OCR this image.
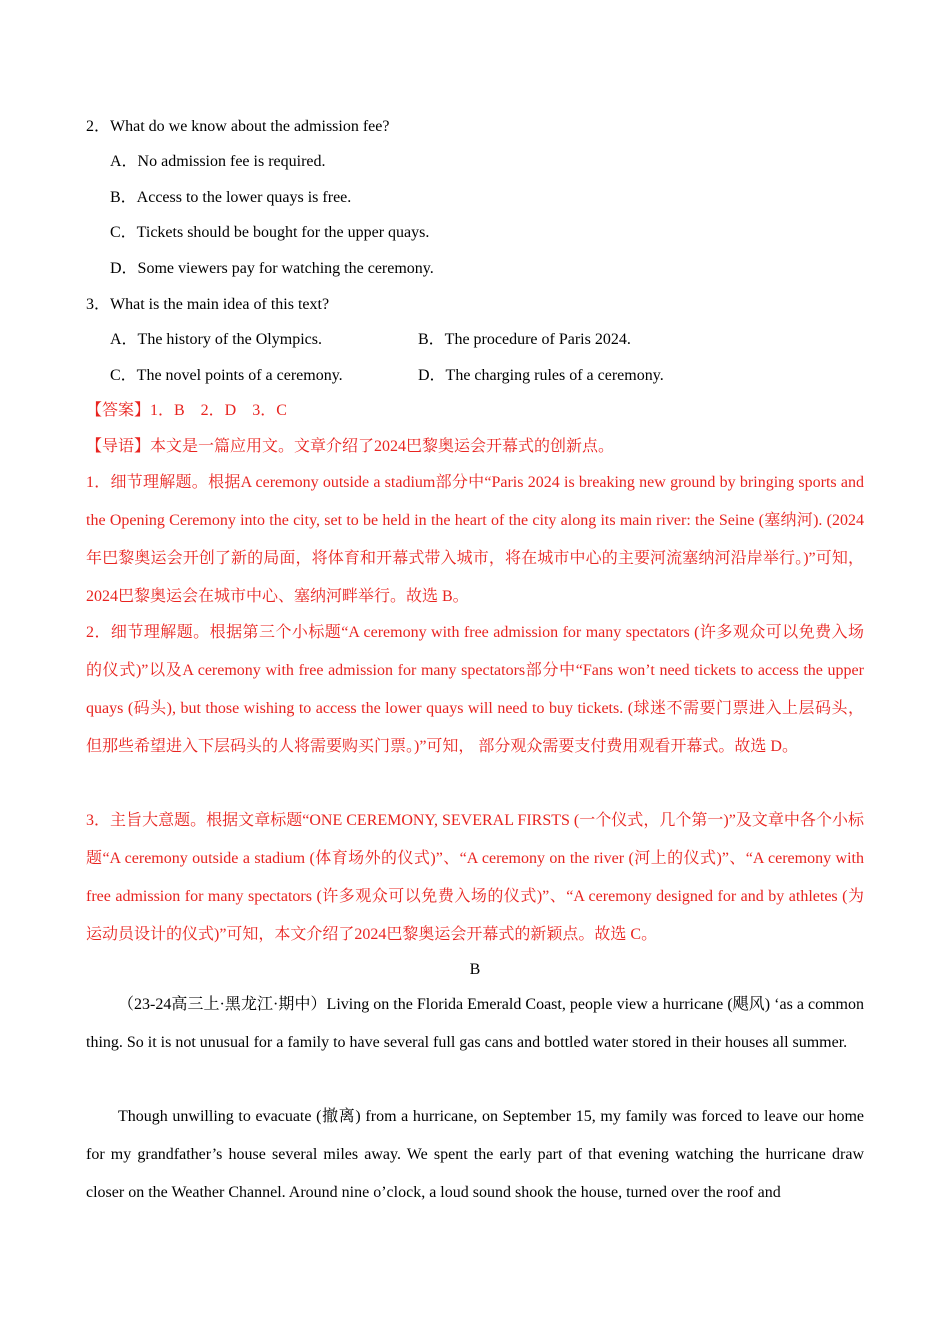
2．What do we know about the admission fee?
A．No admission fee is required.
B．Access to the lower quays is free.
C．Tickets should be bought for the upper quays.
D．Some viewers pay for watching the ceremony.
3．What is the main idea of this text?
A．The history of the Olympics.	B．The procedure of Paris 2024.
C．The novel points of a ceremony.	D．The charging rules of a ceremony.
【答案】1．B　2．D　3．C
【导语】本文是一篇应用文。文章介绍了2024巴黎奥运会开幕式的创新点。
1．细节理解题。根据A ceremony outside a stadium部分中“Paris 2024 is breaking new ground by bringing sports and the Opening Ceremony into the city, set to be held in the heart of the city along its main river: the Seine (塞纳河). (2024年巴黎奥运会开创了新的局面，将体育和开幕式带入城市，将在城市中心的主要河流塞纳河沿岸举行。)”可知， 2024巴黎奥运会在城市中心、塞纳河畔举行。故选 B。
2．细节理解题。根据第三个小标题“A ceremony with free admission for many spectators (许多观众可以免费入场的仪式)”以及A ceremony with free admission for many spectators部分中“Fans won’t need tickets to access the upper quays (码头), but those wishing to access the lower quays will need to buy tickets. (球迷不需要门票进入上层码头，但那些希望进入下层码头的人将需要购买门票。)”可知， 部分观众需要支付费用观看开幕式。故选 D。
3．主旨大意题。根据文章标题“ONE CEREMONY, SEVERAL FIRSTS (一个仪式，几个第一)”及文章中各个小标题“A ceremony outside a stadium (体育场外的仪式)”、“A ceremony on the river (河上的仪式)”、“A ceremony with free admission for many spectators (许多观众可以免费入场的仪式)”、“A ceremony designed for and by athletes (为运动员设计的仪式)”可知，本文介绍了2024巴黎奥运会开幕式的新颖点。故选 C。
B
（23-24高三上·黑龙江·期中）Living on the Florida Emerald Coast, people view a hurricane (飓风) ‘as a common thing. So it is not unusual for a family to have several full gas cans and bottled water stored in their houses all summer.
Though unwilling to evacuate (撤离) from a hurricane, on September 15, my family was forced to leave our home for my grandfather’s house several miles away. We spent the early part of that evening watching the hurricane draw closer on the Weather Channel. Around nine o’clock, a loud sound shook the house, turned over the roof and
